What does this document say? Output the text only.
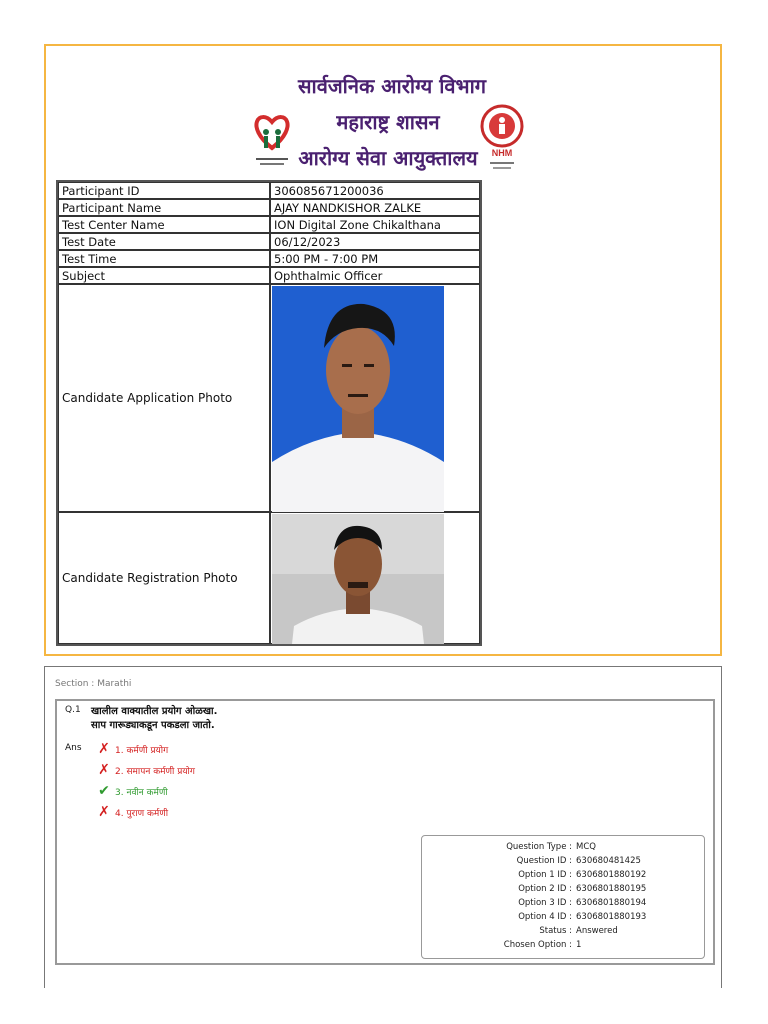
सार्वजनिक आरोग्य विभाग
महाराष्ट्र शासन
आरोग्य सेवा आयुक्तालय NHM
Participant ID	306085671200036
Participant Name	AJAY NANDKISHOR ZALKE
Test Center Name	ION Digital Zone Chikalthana
Test Date	06/12/2023
Test Time	5:00 PM - 7:00 PM
Subject	Ophthalmic Officer
Candidate Application Photo	

Candidate Registration Photo	
Section : Marathi
Q.1 खालील वाक्यातील प्रयोग ओळखा.
साप गारूड्याकडून पकडला जातो.
Ans ✗ 1. कर्मणी प्रयोग
✗ 2. समापन कर्मणी प्रयोग
✔ 3. नवीन कर्मणी
✗ 4. पुराण कर्मणी
Question Type : MCQ
Question ID : 630680481425
Option 1 ID : 6306801880192
Option 2 ID : 6306801880195
Option 3 ID : 6306801880194
Option 4 ID : 6306801880193
Status : Answered
Chosen Option : 1
